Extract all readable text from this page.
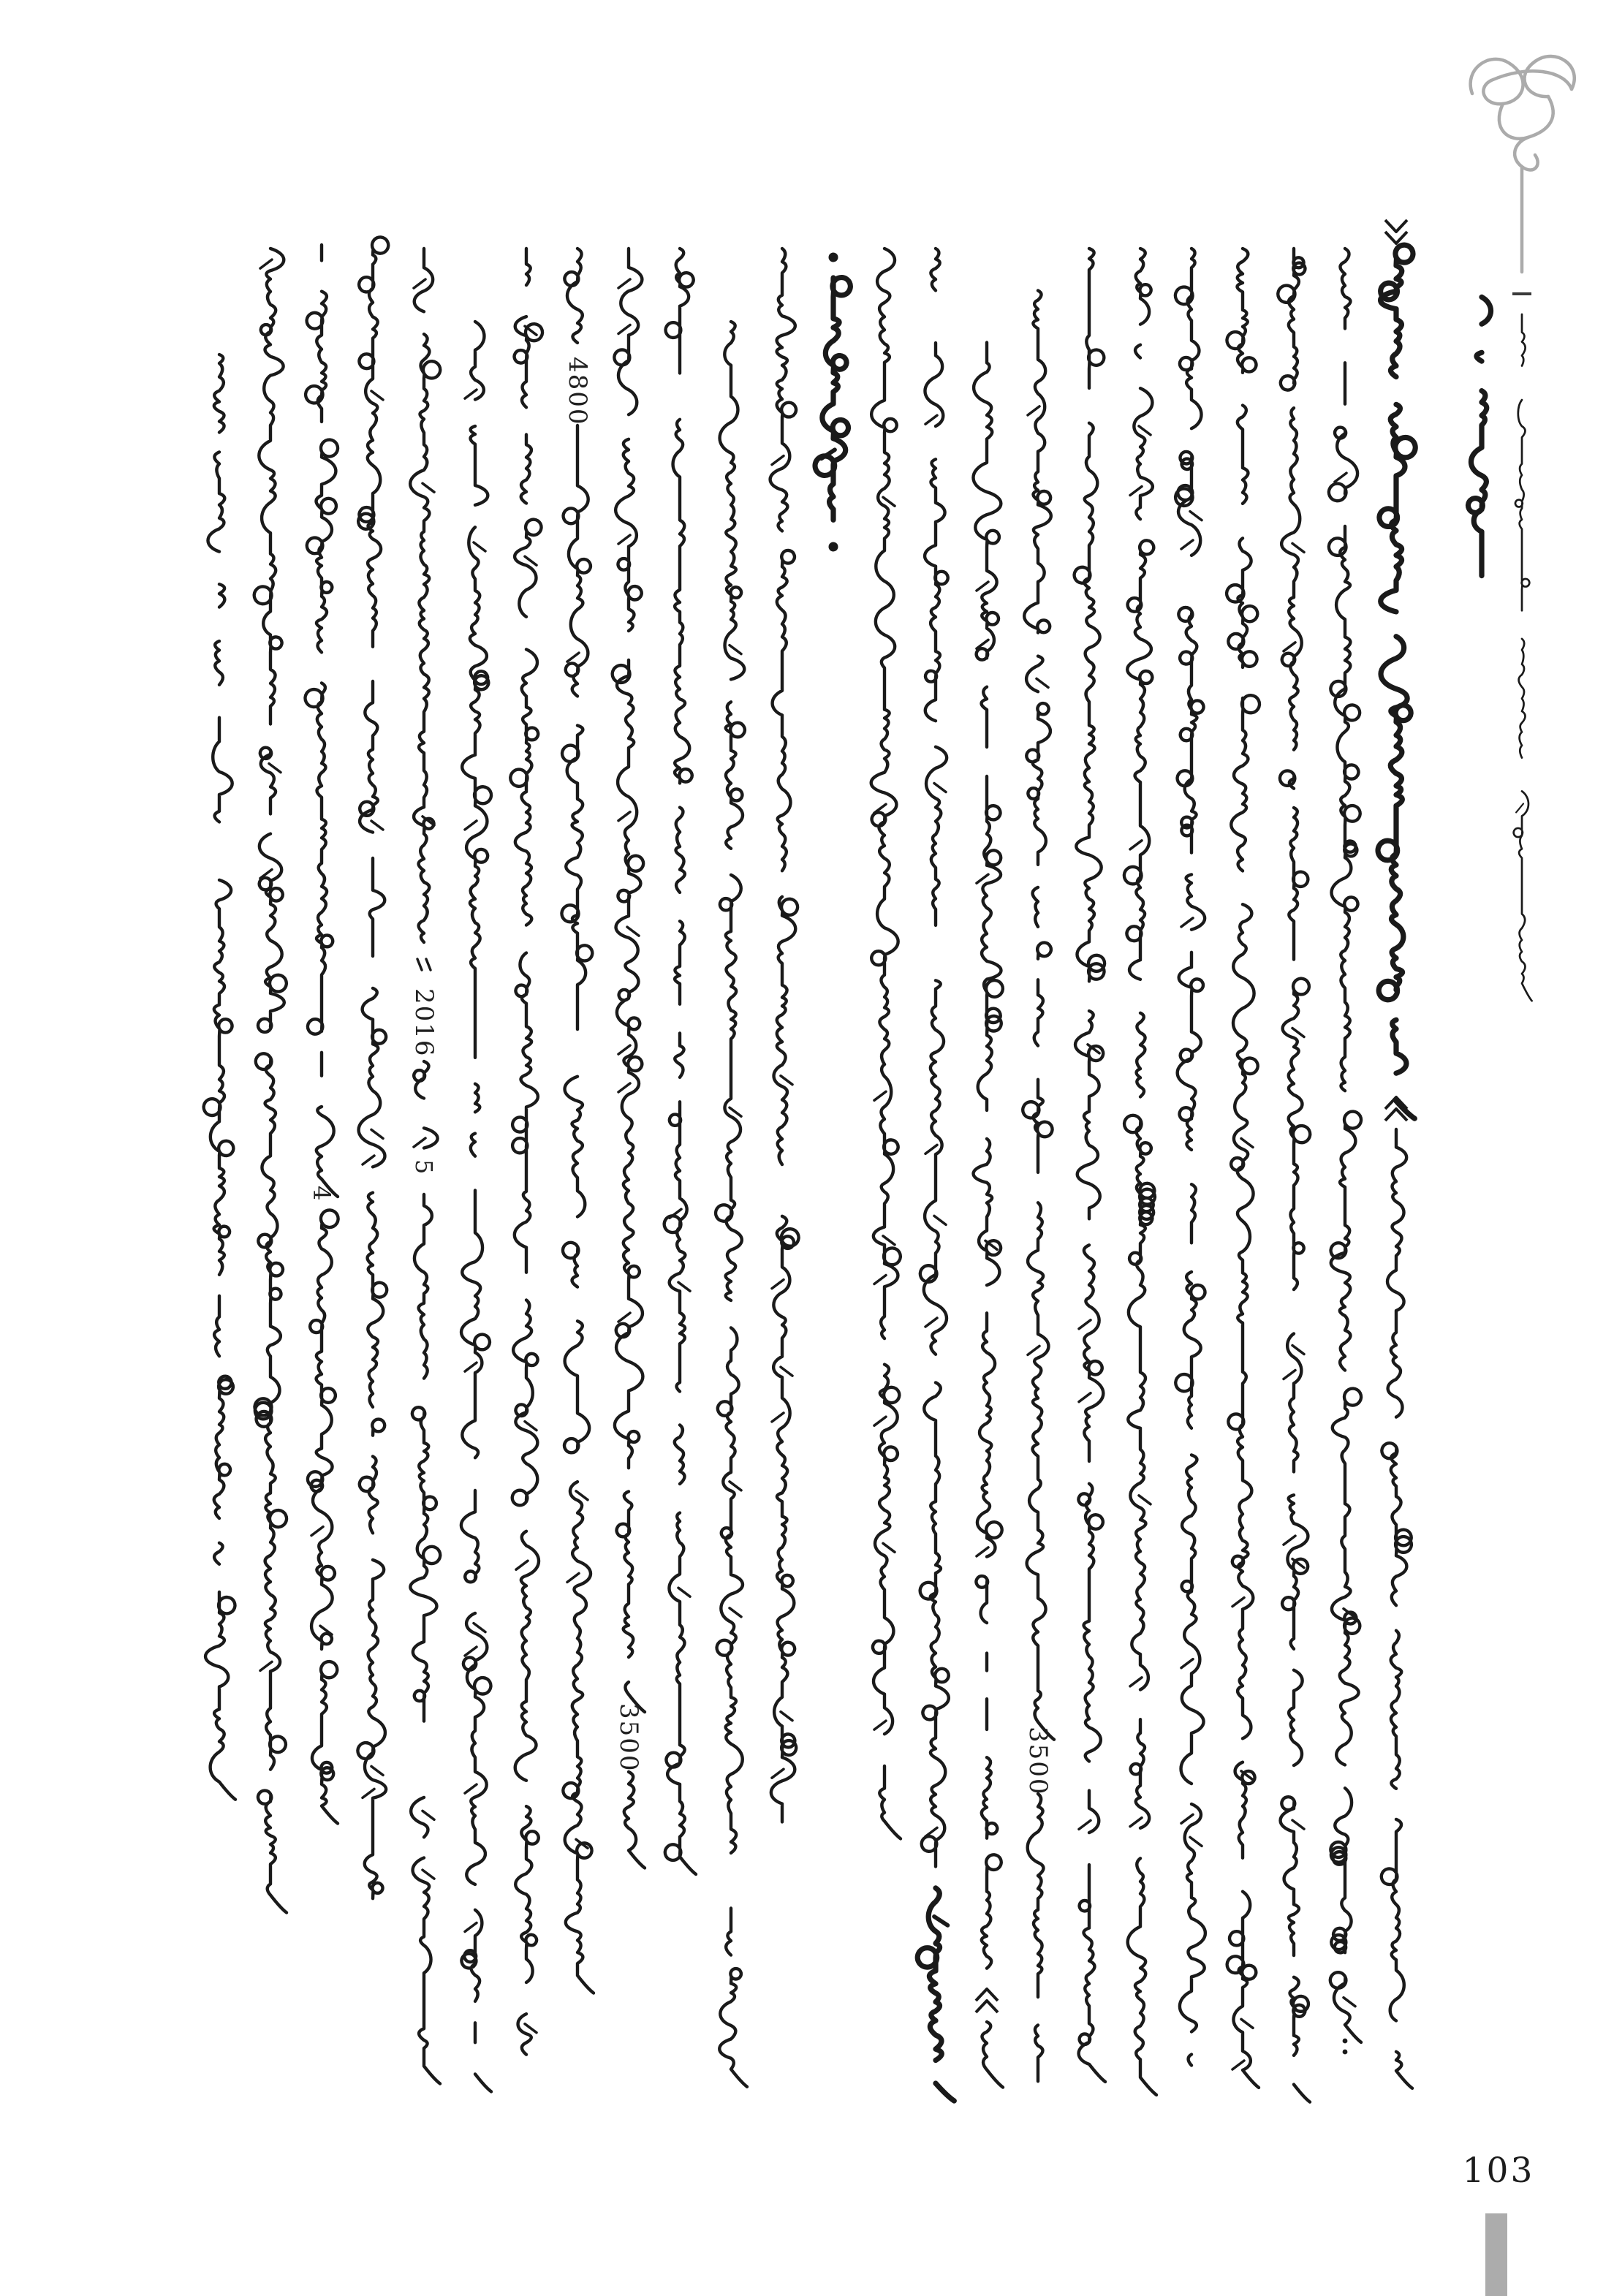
4
2016
5
4800
3500	3500
103
